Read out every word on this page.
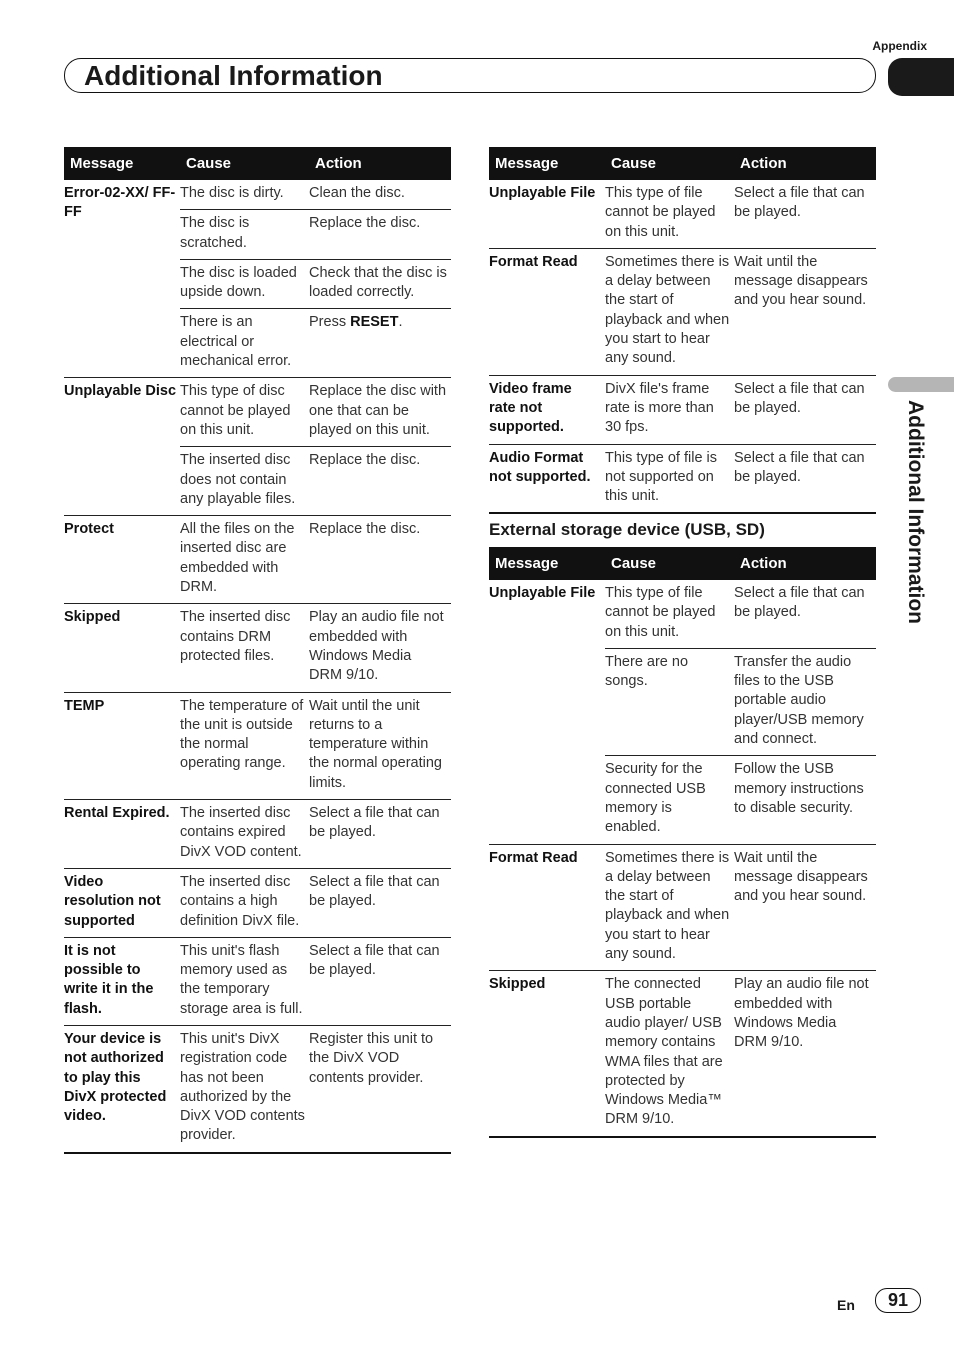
Appendix
Additional Information
Additional Information
Message	Cause	Action
Error-02-XX/ FF-FF	The disc is dirty.	Clean the disc.
	The disc is scratched.	Replace the disc.
	The disc is loaded upside down.	Check that the disc is loaded correctly.
	There is an electrical or mechanical error.	Press RESET.
Unplayable Disc	This type of disc cannot be played on this unit.	Replace the disc with one that can be played on this unit.
	The inserted disc does not contain any playable files.	Replace the disc.
Protect	All the files on the inserted disc are embedded with DRM.	Replace the disc.
Skipped	The inserted disc contains DRM protected files.	Play an audio file not embedded with Windows Media DRM 9/10.
TEMP	The temperature of the unit is outside the normal operating range.	Wait until the unit returns to a temperature within the normal operating limits.
Rental Expired.	The inserted disc contains expired DivX VOD content.	Select a file that can be played.
Video resolution not supported	The inserted disc contains a high definition DivX file.	Select a file that can be played.
It is not possible to write it in the flash.	This unit's flash memory used as the temporary storage area is full.	Select a file that can be played.
Your device is not authorized to play this DivX protected video.	This unit's DivX registration code has not been authorized by the DivX VOD contents provider.	Register this unit to the DivX VOD contents provider.
Message	Cause	Action
Unplayable File	This type of file cannot be played on this unit.	Select a file that can be played.
Format Read	Sometimes there is a delay between the start of playback and when you start to hear any sound.	Wait until the message disappears and you hear sound.
Video frame rate not supported.	DivX file's frame rate is more than 30 fps.	Select a file that can be played.
Audio Format not supported.	This type of file is not supported on this unit.	Select a file that can be played.
External storage device (USB, SD)
Message	Cause	Action
Unplayable File	This type of file cannot be played on this unit.	Select a file that can be played.
	There are no songs.	Transfer the audio files to the USB portable audio player/USB memory and connect.
	Security for the connected USB memory is enabled.	Follow the USB memory instructions to disable security.
Format Read	Sometimes there is a delay between the start of playback and when you start to hear any sound.	Wait until the message disappears and you hear sound.
Skipped	The connected USB portable audio player/ USB memory contains WMA files that are protected by Windows Media™ DRM 9/10.	Play an audio file not embedded with Windows Media DRM 9/10.
En	91
